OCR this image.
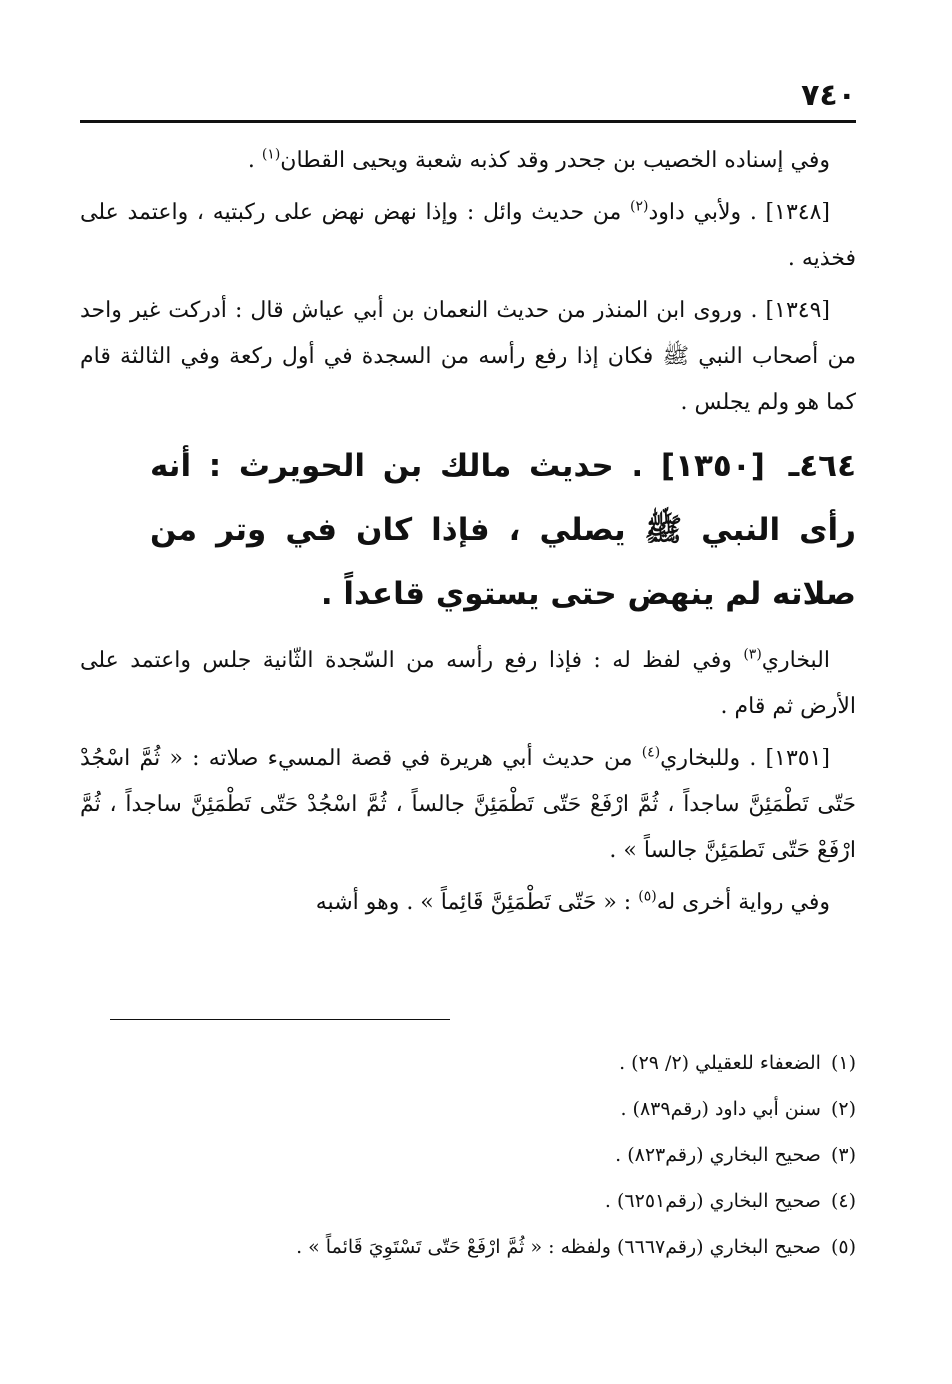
٧٤٠

وفي إسناده الخصيب بن جحدر وقد كذبه شعبة ويحيى القطان$^{(١)}$ .

[١٣٤٨] . ولأبي داود$^{(٢)}$ من حديث وائل : وإذا نهض نهض على ركبتيه ، واعتمد على فخذيه .

[١٣٤٩] . وروى ابن المنذر من حديث النعمان بن أبي عياش قال : أدركت غير واحد من أصحاب النبي ﷺ فكان إذا رفع رأسه من السجدة في أول ركعة وفي الثالثة قام كما هو ولم يجلس .

٤٦٤ـ [١٣٥٠] . حديث مالك بن الحويرث : أنه رأى النبي ﷺ يصلي ، فإذا كان في وتر من صلاته لم ينهض حتى يستوي قاعداً .

البخاري$^{(٣)}$ وفي لفظ له : فإذا رفع رأسه من السّجدة الثّانية جلس واعتمد على الأرض ثم قام .

[١٣٥١] . وللبخاري$^{(٤)}$ من حديث أبي هريرة في قصة المسيء صلاته : « ثُمَّ اسْجُدْ حَتّى تَطْمَئِنَّ ساجداً ، ثُمَّ ارْفَعْ حَتّى تَطْمَئِنَّ جالساً ، ثُمَّ اسْجُدْ حَتّى تَطْمَئِنَّ ساجداً ، ثُمَّ ارْفَعْ حَتّى تَطمَئِنَّ جالساً » .

وفي رواية أخرى له$^{(٥)}$ : « حَتّى تَطْمَئِنَّ قَائِماً » . وهو أشبه

(١)الضعفاء للعقيلي (٢/ ٢٩) .
(٢)سنن أبي داود (رقم٨٣٩) .
(٣)صحيح البخاري (رقم٨٢٣) .
(٤)صحيح البخاري (رقم٦٢٥١) .
(٥)صحيح البخاري (رقم٦٦٦٧) ولفظه : « ثُمَّ ارْفَعْ حَتّى تَسْتَوِيَ قَائماً » .
